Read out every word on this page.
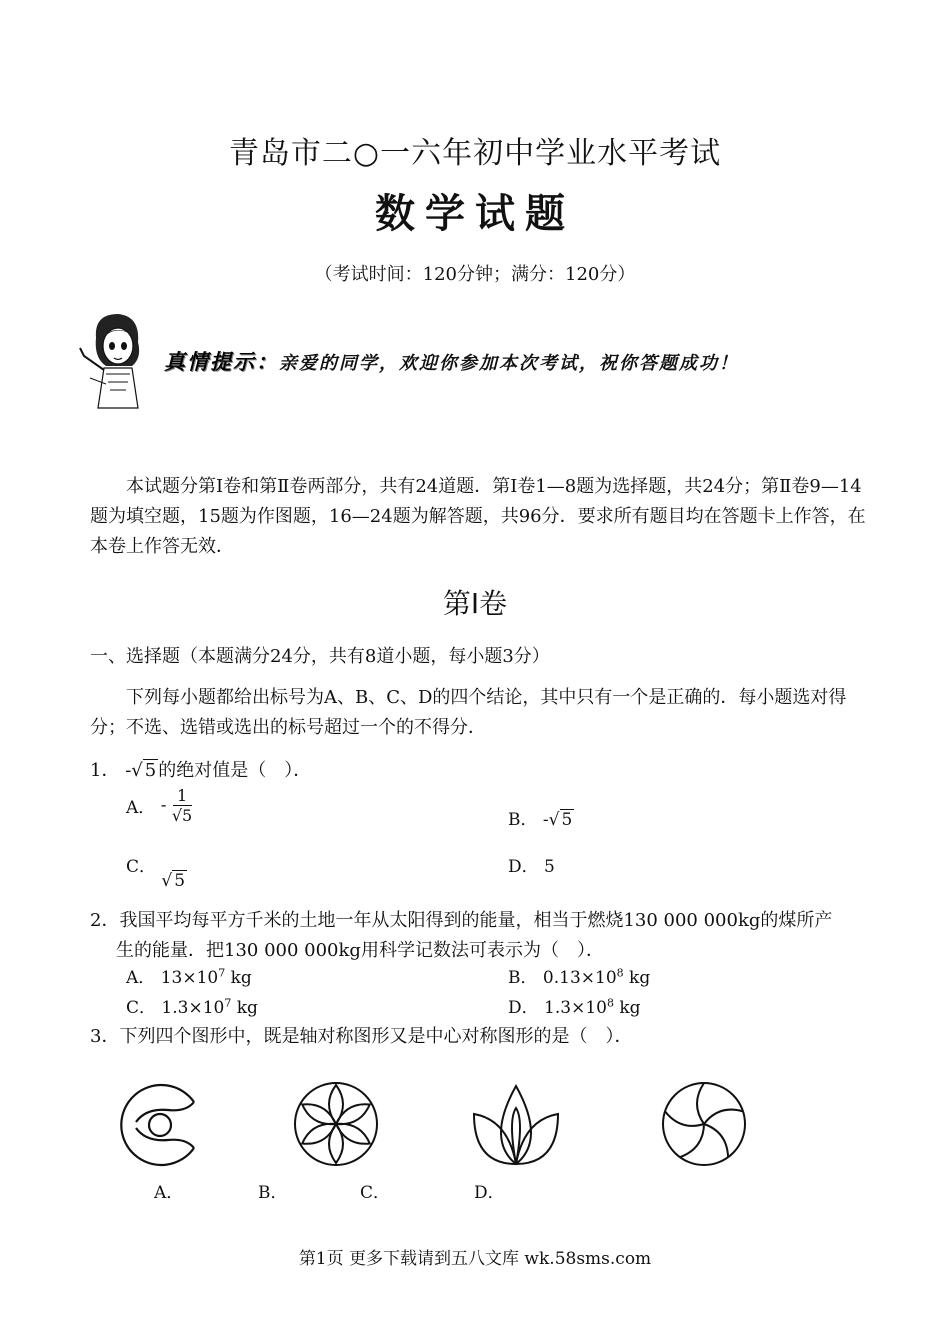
青岛市二○一六年初中学业水平考试
数学试题
（考试时间：120分钟；满分：120分）
真情提示：亲爱的同学，欢迎你参加本次考试，祝你答题成功！
本试题分第Ⅰ卷和第Ⅱ卷两部分，共有24道题．第Ⅰ卷1—8题为选择题，共24分；第Ⅱ卷9—14题为填空题，15题为作图题，16—24题为解答题，共96分．要求所有题目均在答题卡上作答，在本卷上作答无效．
第Ⅰ卷
一、选择题（本题满分24分，共有8道小题，每小题3分）
下列每小题都给出标号为A、B、C、D的四个结论，其中只有一个是正确的．每小题选对得分；不选、选错或选出的标号超过一个的不得分．
1． -√ 5 的绝对值是（　）．
A． - $\frac{1}{√5}$	B． -√ 5
C． √ 5
D． 5
2．我国平均每平方千米的土地一年从太阳得到的能量，相当于燃烧130 000 000kg的煤所产
生的能量．把130 000 000kg用科学记数法可表示为（　）．
A． $13\times 10^7$ kg	B． $0.13\times 10^8$ kg
C． $1.3\times 10^7$ kg	D． $1.3\times 10^8$ kg
3．下列四个图形中，既是轴对称图形又是中心对称图形的是（　）．
A．	B．	C．	D．
第1页 更多下载请到五八文库 wk.58sms.com
